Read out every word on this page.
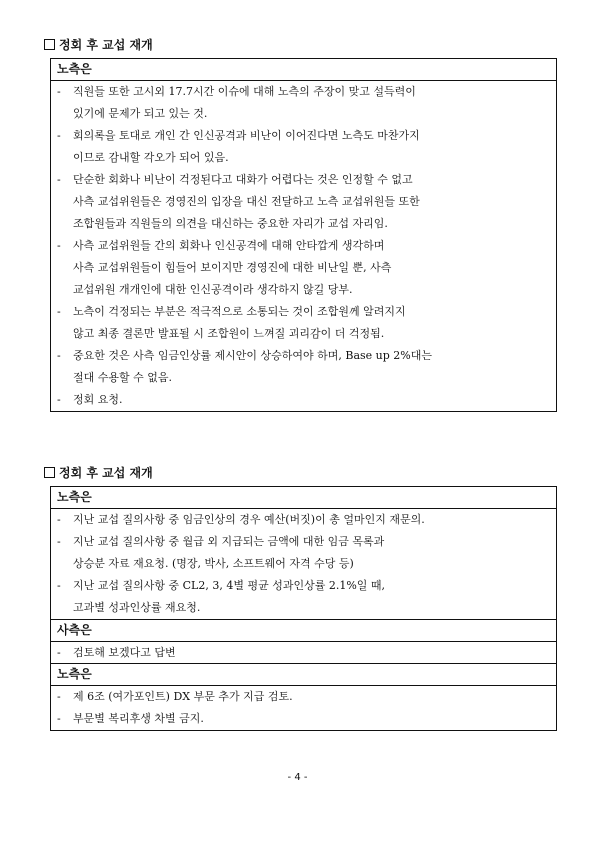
정회 후 교섭 재개
노측은

- 직원들 또한 고시외 17.7시간 이슈에 대해 노측의 주장이 맞고 설득력이
있기에 문제가 되고 있는 것.
- 회의록을 토대로 개인 간 인신공격과 비난이 이어진다면 노측도 마찬가지
이므로 감내할 각오가 되어 있음.
- 단순한 회화나 비난이 걱정된다고 대화가 어렵다는 것은 인정할 수 없고
사측 교섭위원들은 경영진의 입장을 대신 전달하고 노측 교섭위원들 또한
조합원들과 직원들의 의견을 대신하는 중요한 자리가 교섭 자리임.
- 사측 교섭위원들 간의 회화나 인신공격에 대해 안타깝게 생각하며
사측 교섭위원들이 힘들어 보이지만 경영진에 대한 비난일 뿐, 사측
교섭위원 개개인에 대한 인신공격이라 생각하지 않길 당부.
- 노측이 걱정되는 부분은 적극적으로 소통되는 것이 조합원께 알려지지
않고 최종 결론만 발표될 시 조합원이 느껴질 괴리감이 더 걱정됨.
- 중요한 것은 사측 임금인상률 제시안이 상승하여야 하며, Base up 2%대는
절대 수용할 수 없음.
- 정회 요청.
정회 후 교섭 재개
노측은

- 지난 교섭 질의사항 중 임금인상의 경우 예산(버짓)이 총 얼마인지 재문의.
- 지난 교섭 질의사항 중 월급 외 지급되는 금액에 대한 임금 목록과
상승분 자료 재요청. (명장, 박사, 소프트웨어 자격 수당 등)
- 지난 교섭 질의사항 중 CL2, 3, 4별 평균 성과인상률 2.1%일 때,
고과별 성과인상률 재요청.

사측은

- 검토해 보겠다고 답변

노측은

- 제 6조 (여가포인트) DX 부문 추가 지급 검토.
- 부문별 복리후생 차별 금지.
- 4 -
